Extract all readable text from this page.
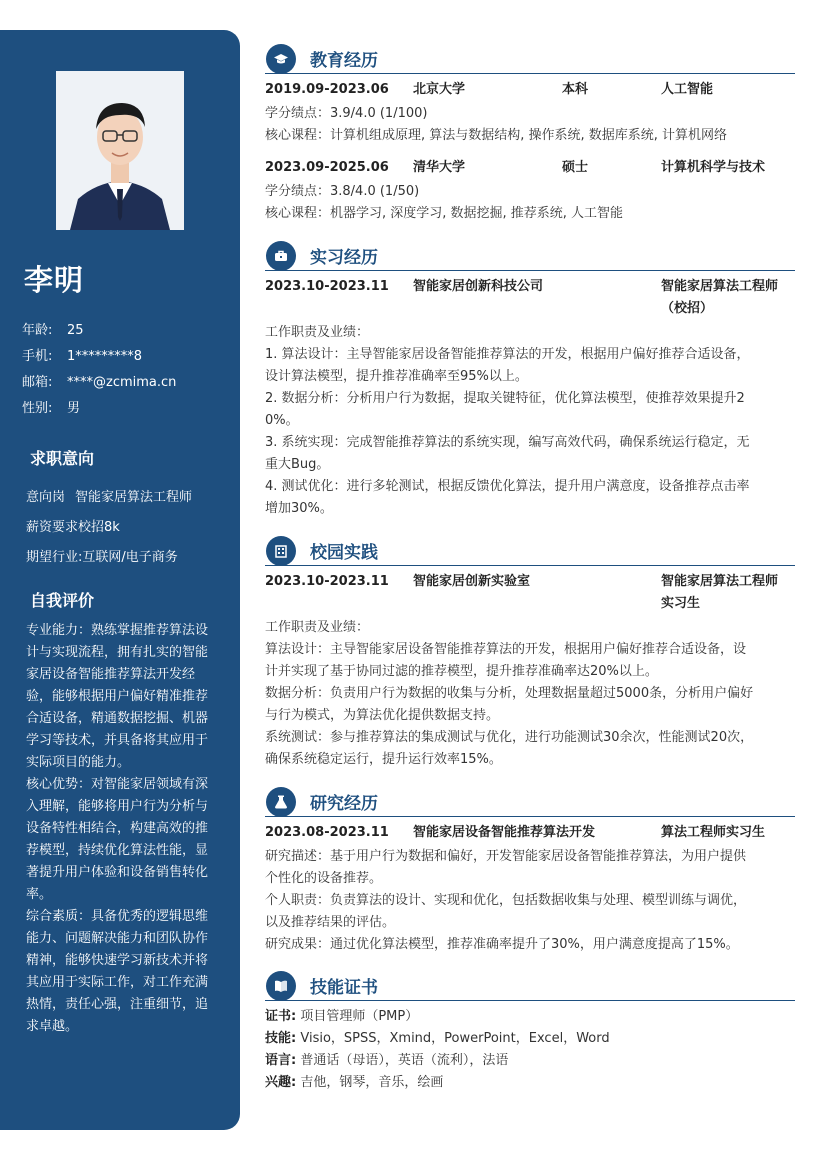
李明
年龄: 25
手机: 1*********8
邮箱: ****@zcmima.cn
性别: 男
求职意向
意向岗 智能家居算法工程师
薪资要求校招8k
期望行业:互联网/电子商务
自我评价

专业能力：熟练掌握推荐算法设计与实现流程，拥有扎实的智能家居设备智能推荐算法开发经验，能够根据用户偏好精准推荐合适设备，精通数据挖掘、机器学习等技术，并具备将其应用于实际项目的能力。

核心优势：对智能家居领域有深入理解，能够将用户行为分析与设备特性相结合，构建高效的推荐模型，持续优化算法性能，显著提升用户体验和设备销售转化率。

综合素质：具备优秀的逻辑思维能力、问题解决能力和团队协作精神，能够快速学习新技术并将其应用于实际工作，对工作充满热情，责任心强，注重细节，追求卓越。

教育经历
2019.09-2023.06 北京大学	本科	人工智能

学分绩点：3.9/4.0 (1/100)

核心课程：计算机组成原理, 算法与数据结构, 操作系统, 数据库系统, 计算机网络

2023.09-2025.06 清华大学	硕士	计算机科学与技术

学分绩点：3.8/4.0 (1/50)

核心课程：机器学习, 深度学习, 数据挖掘, 推荐系统, 人工智能

实习经历
2023.10-2023.11 智能家居创新科技公司	智能家居算法工程师
（校招）

工作职责及业绩：

1. 算法设计：主导智能家居设备智能推荐算法的开发，根据用户偏好推荐合适设备，

设计算法模型，提升推荐准确率至95%以上。

2. 数据分析：分析用户行为数据，提取关键特征，优化算法模型，使推荐效果提升2

0%。

3. 系统实现：完成智能推荐算法的系统实现，编写高效代码，确保系统运行稳定，无

重大Bug。

4. 测试优化：进行多轮测试，根据反馈优化算法，提升用户满意度，设备推荐点击率

增加30%。

校园实践
2023.10-2023.11 智能家居创新实验室	智能家居算法工程师
实习生

工作职责及业绩：

算法设计：主导智能家居设备智能推荐算法的开发，根据用户偏好推荐合适设备，设

计并实现了基于协同过滤的推荐模型，提升推荐准确率达20%以上。

数据分析：负责用户行为数据的收集与分析，处理数据量超过5000条，分析用户偏好

与行为模式，为算法优化提供数据支持。

系统测试：参与推荐算法的集成测试与优化，进行功能测试30余次，性能测试20次，

确保系统稳定运行，提升运行效率15%。

研究经历
2023.08-2023.11 智能家居设备智能推荐算法开发	算法工程师实习生

研究描述：基于用户行为数据和偏好，开发智能家居设备智能推荐算法，为用户提供

个性化的设备推荐。

个人职责：负责算法的设计、实现和优化，包括数据收集与处理、模型训练与调优，

以及推荐结果的评估。

研究成果：通过优化算法模型，推荐准确率提升了30%，用户满意度提高了15%。

技能证书

证书: 项目管理师（PMP）

技能: Visio，SPSS，Xmind，PowerPoint，Excel，Word

语言: 普通话（母语），英语（流利），法语

兴趣: 吉他，钢琴，音乐，绘画
